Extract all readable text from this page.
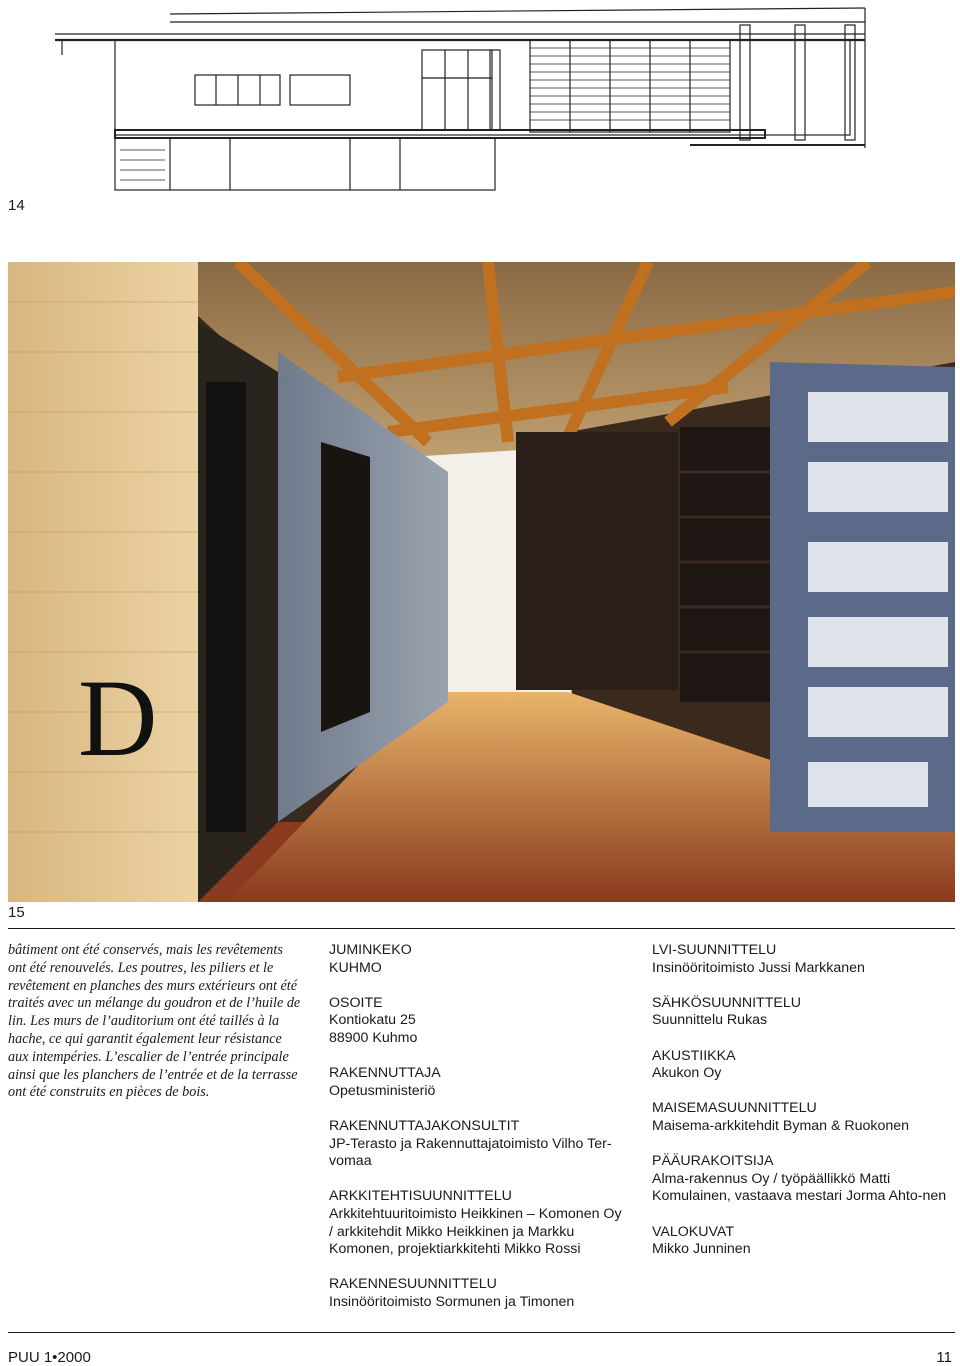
14
D
15

bâtiment ont été conservés, mais les revêtements ont été renouvelés. Les poutres, les piliers et le revêtement en planches des murs extérieurs ont été traités avec un mélange du goudron et de l’huile de lin. Les murs de l’auditorium ont été taillés à la hache, ce qui garantit également leur résistance aux intempéries. L’escalier de l’entrée principale ainsi que les planchers de l’entrée et de la terrasse ont été construits en pièces de bois.

JUMINKEKO
KUHMO
OSOITE
Kontiokatu 25
88900 Kuhmo
RAKENNUTTAJA
Opetusministeriö
RAKENNUTTAJAKONSULTIT
JP-Terasto ja Rakennuttajatoimisto Vilho Ter-vomaa
ARKKITEHTISUUNNITTELU
Arkkitehtuuritoimisto Heikkinen – Komonen Oy / arkkitehdit Mikko Heikkinen ja Markku Komonen, projektiarkkitehti Mikko Rossi
RAKENNESUUNNITTELU
Insinööritoimisto Sormunen ja Timonen
LVI-SUUNNITTELU
Insinööritoimisto Jussi Markkanen
SÄHKÖSUUNNITTELU
Suunnittelu Rukas
AKUSTIIKKA
Akukon Oy
MAISEMASUUNNITTELU
Maisema-arkkitehdit Byman & Ruokonen
PÄÄURAKOITSIJA
Alma-rakennus Oy / työpäällikkö Matti Komulainen, vastaava mestari Jorma Ahto-nen
VALOKUVAT
Mikko Junninen
PUU 1•2000	11
